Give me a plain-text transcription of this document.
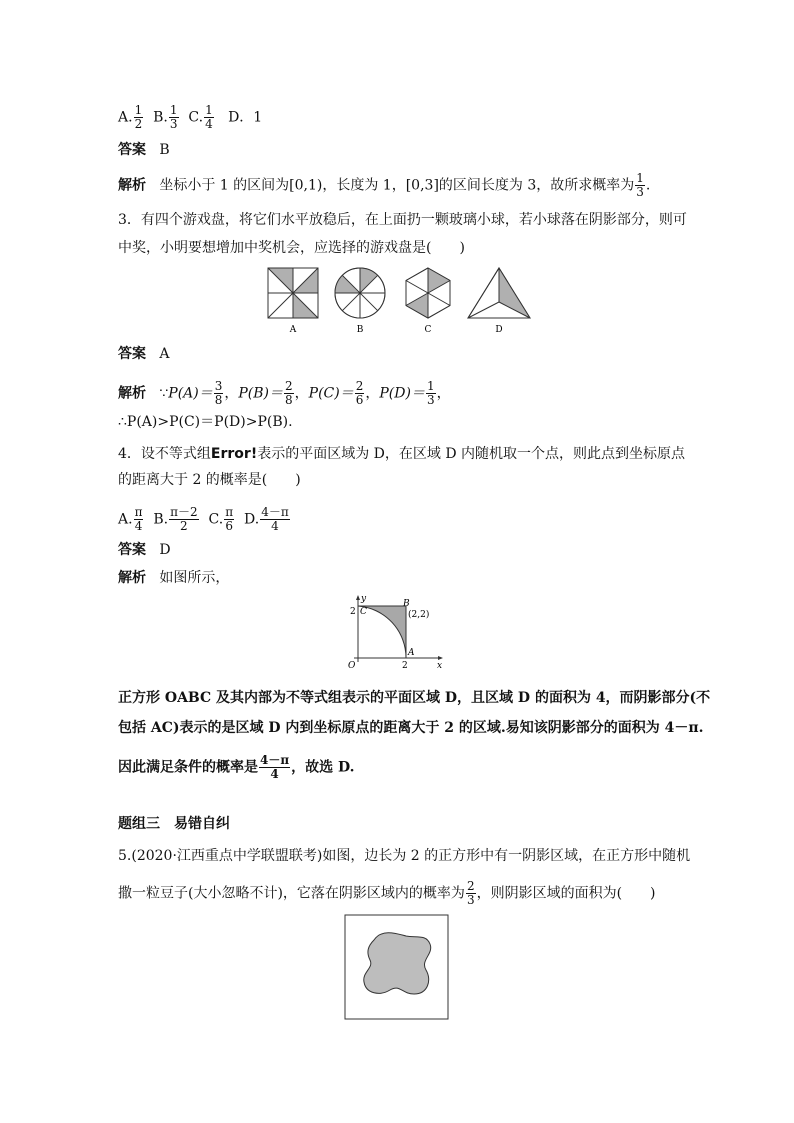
A. $\frac{1}{2} B$. $\frac{1}{3} C$. $\frac{1}{4}$ D．1
答案 B
解析 坐标小于 1 的区间为[0,1)，长度为 1，[0,3]的区间长度为 3，故所求概率为 $\frac{1}{3}$ .
3．有四个游戏盘，将它们水平放稳后，在上面扔一颗玻璃小球，若小球落在阴影部分，则可
中奖，小明要想增加中奖机会，应选择的游戏盘是(　　)
A	B	C	D
答案 A
解析 ∵P(A)＝ $\frac{3}{8}$ ，$P(B)= \frac{2}{8}$ ，$P(C)= \frac{2}{6}$ ，$P(D)= \frac{1}{3}$ ，
∴P(A)>P(C)＝P(D)>P(B).
4．设不等式组Error!表示的平面区域为 D，在区域 D 内随机取一个点，则此点到坐标原点
的距离大于 2 的概率是(　　)
A. $\frac{\pi}{4} B$. $\frac{\pi-2}{2} C$. $\frac{\pi}{6} D$. $\frac{4-\pi}{4}$
答案 D
解析 如图所示，
y
x
O
2 C
B
(2,2)
A
2
正方形 OABC 及其内部为不等式组表示的平面区域 D，且区域 D 的面积为 4，而阴影部分(不
包括 AC)表示的是区域 D 内到坐标原点的距离大于 2 的区域.易知该阴影部分的面积为 4－π.
因此满足条件的概率是 $\frac{4-\pi}{4}$ ，故选 D.
题组三　易错自纠
5.(2020·江西重点中学联盟联考)如图，边长为 2 的正方形中有一阴影区域，在正方形中随机
撒一粒豆子(大小忽略不计)，它落在阴影区域内的概率为 $\frac{2}{3}$ ，则阴影区域的面积为(　　)
